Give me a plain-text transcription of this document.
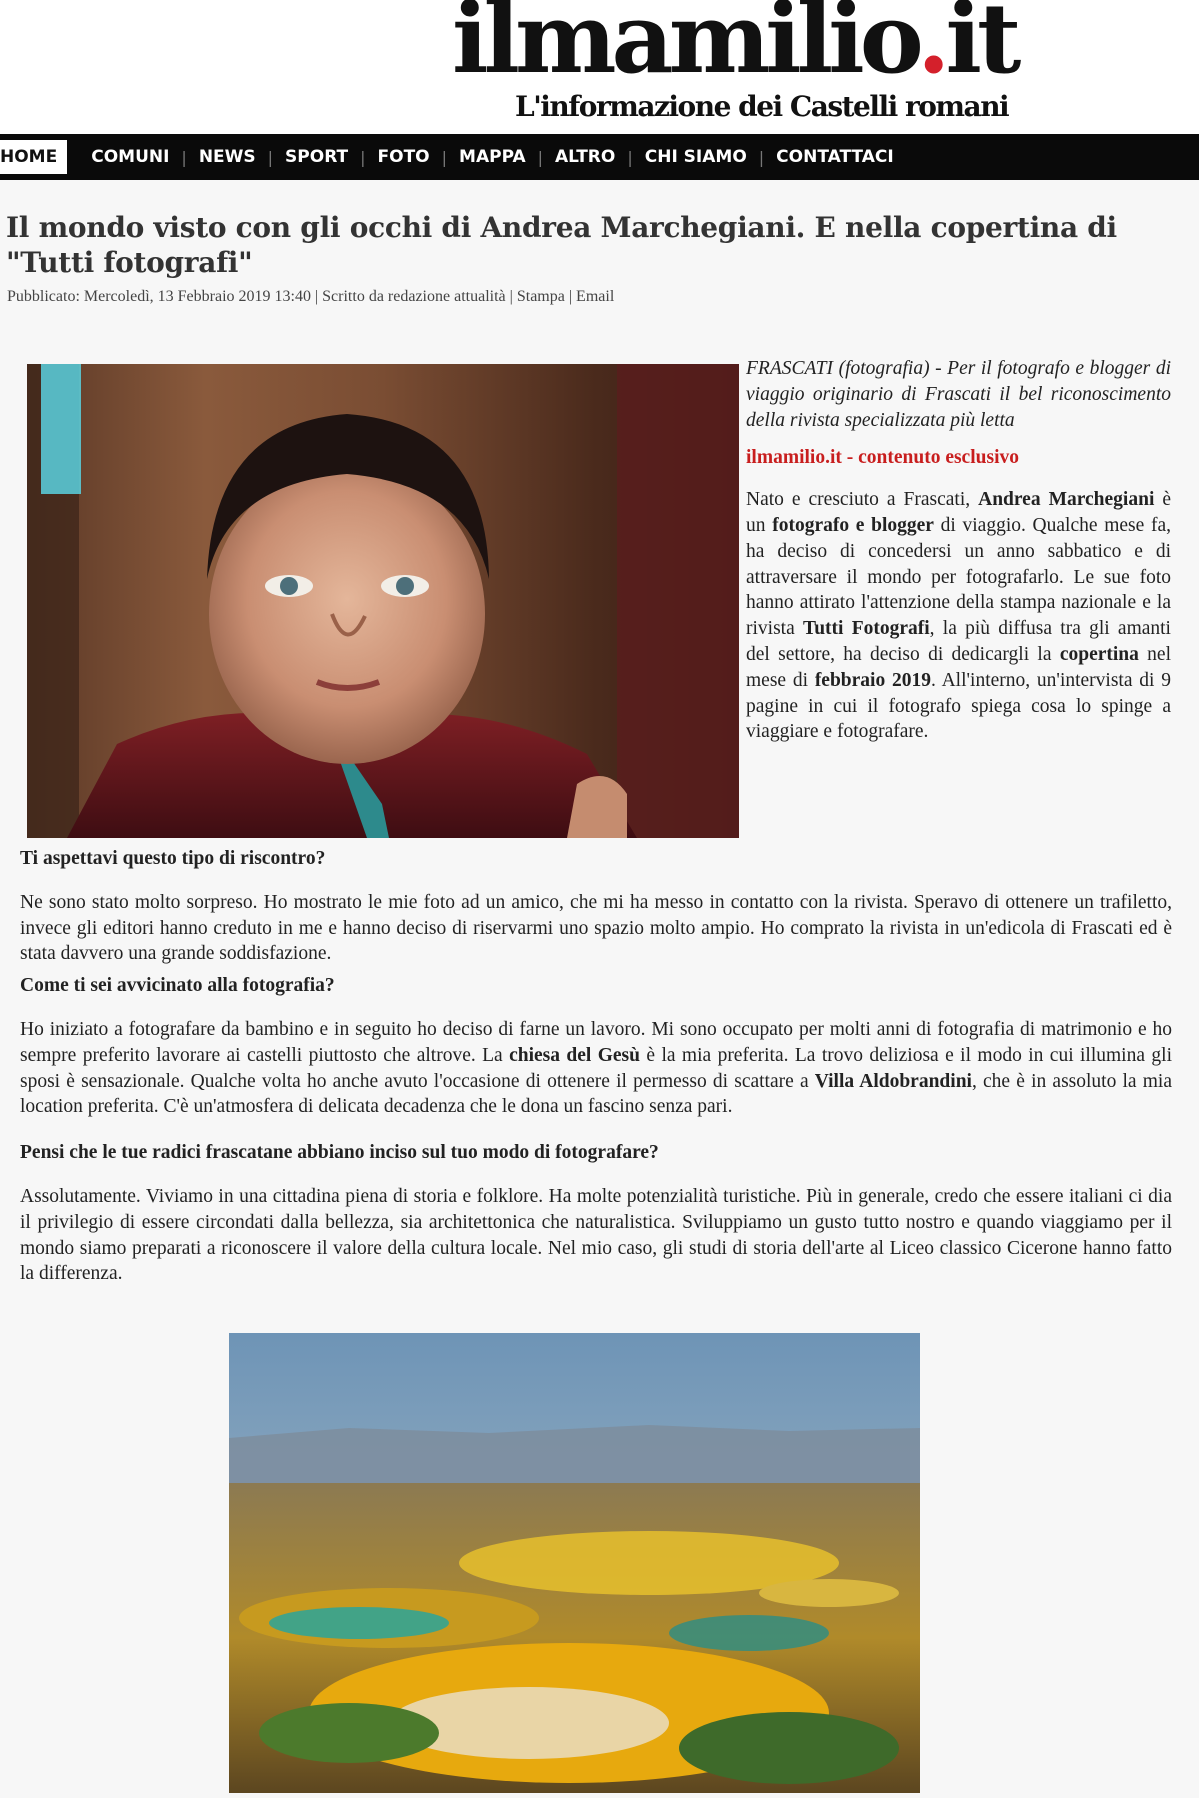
ilmamilio.it
L'informazione dei Castelli romani
HOME	COMUNI | NEWS | SPORT | FOTO | MAPPA | ALTRO | CHI SIAMO | CONTATTACI
Il mondo visto con gli occhi di Andrea Marchegiani. E nella copertina di "Tutti fotografi"
Pubblicato: Mercoledì, 13 Febbraio 2019 13:40 | Scritto da redazione attualità | Stampa | Email

FRASCATI (fotografia) - Per il fotografo e blogger di viaggio originario di Frascati il bel riconoscimento della rivista specializzata più letta

ilmamilio.it - contenuto esclusivo

Nato e cresciuto a Frascati, Andrea Marchegiani è un fotografo e blogger di viaggio. Qualche mese fa, ha deciso di concedersi un anno sabbatico e di attraversare il mondo per fotografarlo. Le sue foto hanno attirato l'attenzione della stampa nazionale e la rivista Tutti Fotografi, la più diffusa tra gli amanti del settore, ha deciso di dedicargli la copertina nel mese di febbraio 2019. All'interno, un'intervista di 9 pagine in cui il fotografo spiega cosa lo spinge a viaggiare e fotografare.

Ti aspettavi questo tipo di riscontro?

Ne sono stato molto sorpreso. Ho mostrato le mie foto ad un amico, che mi ha messo in contatto con la rivista. Speravo di ottenere un trafiletto, invece gli editori hanno creduto in me e hanno deciso di riservarmi uno spazio molto ampio. Ho comprato la rivista in un'edicola di Frascati ed è stata davvero una grande soddisfazione.

Come ti sei avvicinato alla fotografia?

Ho iniziato a fotografare da bambino e in seguito ho deciso di farne un lavoro. Mi sono occupato per molti anni di fotografia di matrimonio e ho sempre preferito lavorare ai castelli piuttosto che altrove. La chiesa del Gesù è la mia preferita. La trovo deliziosa e il modo in cui illumina gli sposi è sensazionale. Qualche volta ho anche avuto l'occasione di ottenere il permesso di scattare a Villa Aldobrandini, che è in assoluto la mia location preferita. C'è un'atmosfera di delicata decadenza che le dona un fascino senza pari.

Pensi che le tue radici frascatane abbiano inciso sul tuo modo di fotografare?

Assolutamente. Viviamo in una cittadina piena di storia e folklore. Ha molte potenzialità turistiche. Più in generale, credo che essere italiani ci dia il privilegio di essere circondati dalla bellezza, sia architettonica che naturalistica. Sviluppiamo un gusto tutto nostro e quando viaggiamo per il mondo siamo preparati a riconoscere il valore della cultura locale. Nel mio caso, gli studi di storia dell'arte al Liceo classico Cicerone hanno fatto la differenza.
